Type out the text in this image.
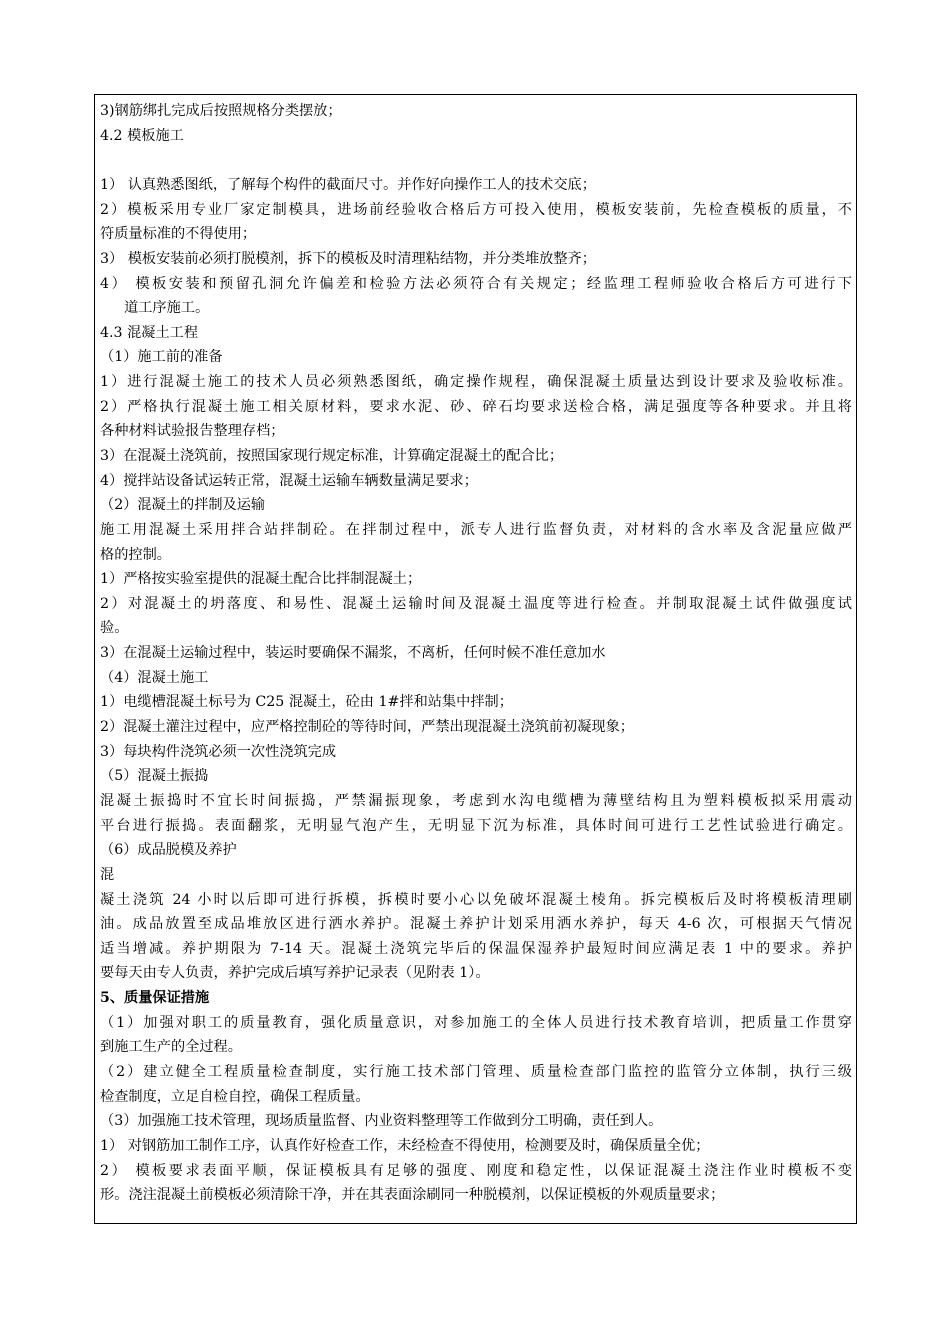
3)钢筋绑扎完成后按照规格分类摆放；
4.2 模板施工
1） 认真熟悉图纸，了解每个构件的截面尺寸。并作好向操作工人的技术交底；
2）模板采用专业厂家定制模具，进场前经验收合格后方可投入使用，模板安装前，先检查模板的质量，不
符质量标准的不得使用；
3） 模板安装前必须打脱模剂，拆下的模板及时清理粘结物，并分类堆放整齐；
4） 模板安装和预留孔洞允许偏差和检验方法必须符合有关规定；经监理工程师验收合格后方可进行下
道工序施工。
4.3 混凝土工程
（1）施工前的准备
1）进行混凝土施工的技术人员必须熟悉图纸，确定操作规程，确保混凝土质量达到设计要求及验收标准。
2）严格执行混凝土施工相关原材料，要求水泥、砂、碎石均要求送检合格，满足强度等各种要求。并且将
各种材料试验报告整理存档；
3）在混凝土浇筑前，按照国家现行规定标准，计算确定混凝土的配合比；
4）搅拌站设备试运转正常，混凝土运输车辆数量满足要求；
（2）混凝土的拌制及运输
施工用混凝土采用拌合站拌制砼。在拌制过程中，派专人进行监督负责，对材料的含水率及含泥量应做严
格的控制。
1）严格按实验室提供的混凝土配合比拌制混凝土；
2）对混凝土的坍落度、和易性、混凝土运输时间及混凝土温度等进行检查。并制取混凝土试件做强度试
验。
3）在混凝土运输过程中，装运时要确保不漏浆，不离析，任何时候不准任意加水
（4）混凝土施工
1）电缆槽混凝土标号为 C25 混凝土，砼由 1#拌和站集中拌制；
2）混凝土灌注过程中，应严格控制砼的等待时间，严禁出现混凝土浇筑前初凝现象；
3）每块构件浇筑必须一次性浇筑完成
（5）混凝土振捣
混凝土振捣时不宜长时间振捣，严禁漏振现象，考虑到水沟电缆槽为薄壁结构且为塑料模板拟采用震动
平台进行振捣。表面翻浆，无明显气泡产生，无明显下沉为标准，具体时间可进行工艺性试验进行确定。
（6）成品脱模及养护
混
凝土浇筑 24 小时以后即可进行拆模，拆模时要小心以免破坏混凝土棱角。拆完模板后及时将模板清理刷
油。成品放置至成品堆放区进行洒水养护。混凝土养护计划采用洒水养护，每天 4-6 次，可根据天气情况
适当增减。养护期限为 7-14 天。混凝土浇筑完毕后的保温保湿养护最短时间应满足表 1 中的要求。养护
要每天由专人负责，养护完成后填写养护记录表（见附表 1）。
5、质量保证措施
（1）加强对职工的质量教育，强化质量意识，对参加施工的全体人员进行技术教育培训，把质量工作贯穿
到施工生产的全过程。
（2）建立健全工程质量检查制度，实行施工技术部门管理、质量检查部门监控的监管分立体制，执行三级
检查制度，立足自检自控，确保工程质量。
（3）加强施工技术管理，现场质量监督、内业资料整理等工作做到分工明确，责任到人。
1） 对钢筋加工制作工序，认真作好检查工作，未经检查不得使用，检测要及时，确保质量全优；
2） 模板要求表面平顺，保证模板具有足够的强度、刚度和稳定性，以保证混凝土浇注作业时模板不变
形。浇注混凝土前模板必须清除干净，并在其表面涂刷同一种脱模剂，以保证模板的外观质量要求；
